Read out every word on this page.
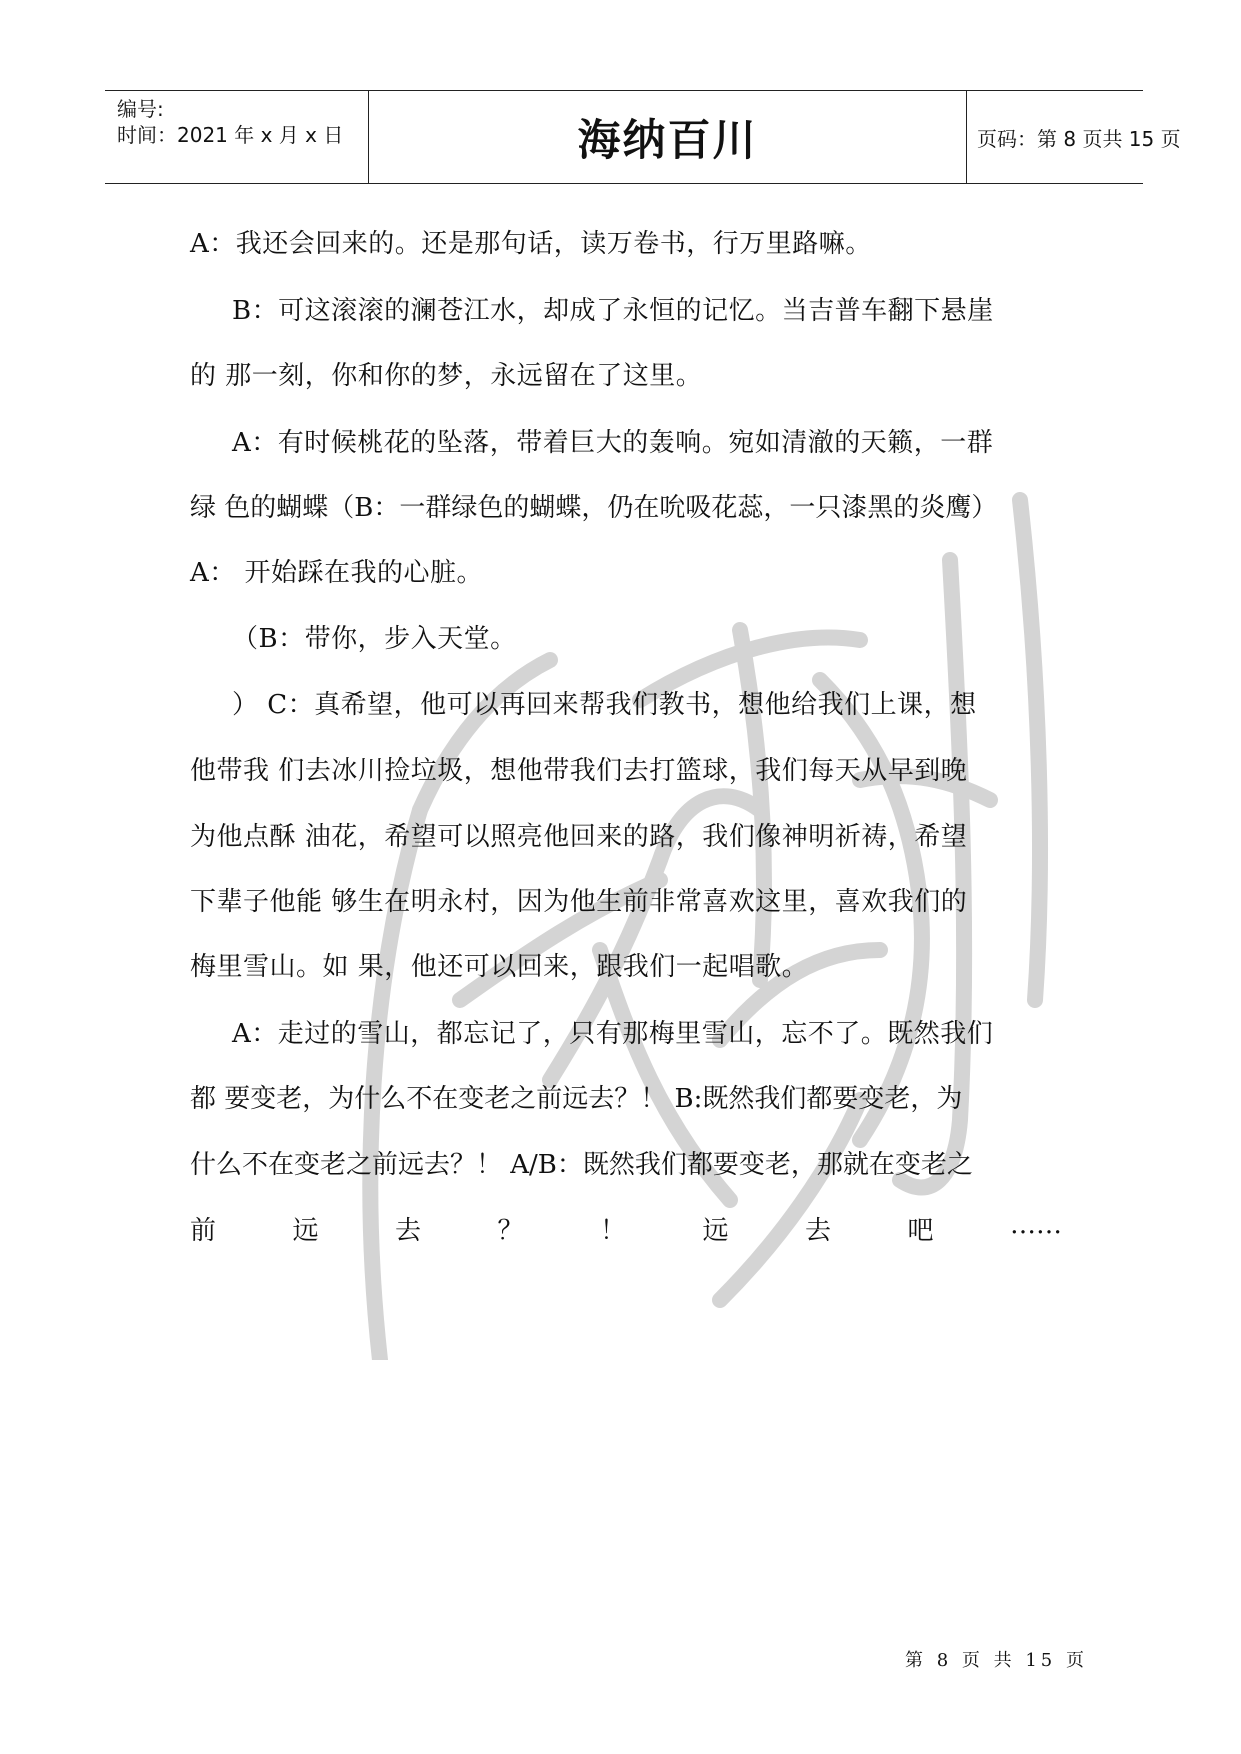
编号:
时间：2021 年 x 月 x 日	海纳百川	页码：第 8 页共 15 页
A：我还会回来的。还是那句话，读万卷书，行万里路嘛。
B：可这滚滚的澜苍江水，却成了永恒的记忆。当吉普车翻下悬崖
的 那一刻，你和你的梦，永远留在了这里。
A：有时候桃花的坠落，带着巨大的轰响。宛如清澈的天籁，一群
绿 色的蝴蝶（B：一群绿色的蝴蝶，仍在吮吸花蕊，一只漆黑的炎鹰）
A： 开始踩在我的心脏。
（B：带你，步入天堂。
） C：真希望，他可以再回来帮我们教书，想他给我们上课，想
他带我 们去冰川捡垃圾，想他带我们去打篮球，我们每天从早到晚
为他点酥 油花，希望可以照亮他回来的路，我们像神明祈祷，希望
下辈子他能 够生在明永村，因为他生前非常喜欢这里，喜欢我们的
梅里雪山。如 果，他还可以回来，跟我们一起唱歌。
A：走过的雪山，都忘记了，只有那梅里雪山，忘不了。既然我们
都 要变老，为什么不在变老之前远去？！ B:既然我们都要变老，为
什么不在变老之前远去？！ A/B：既然我们都要变老，那就在变老之
前	远	去	？	！	远	去	吧	……
第 8 页 共 15 页
